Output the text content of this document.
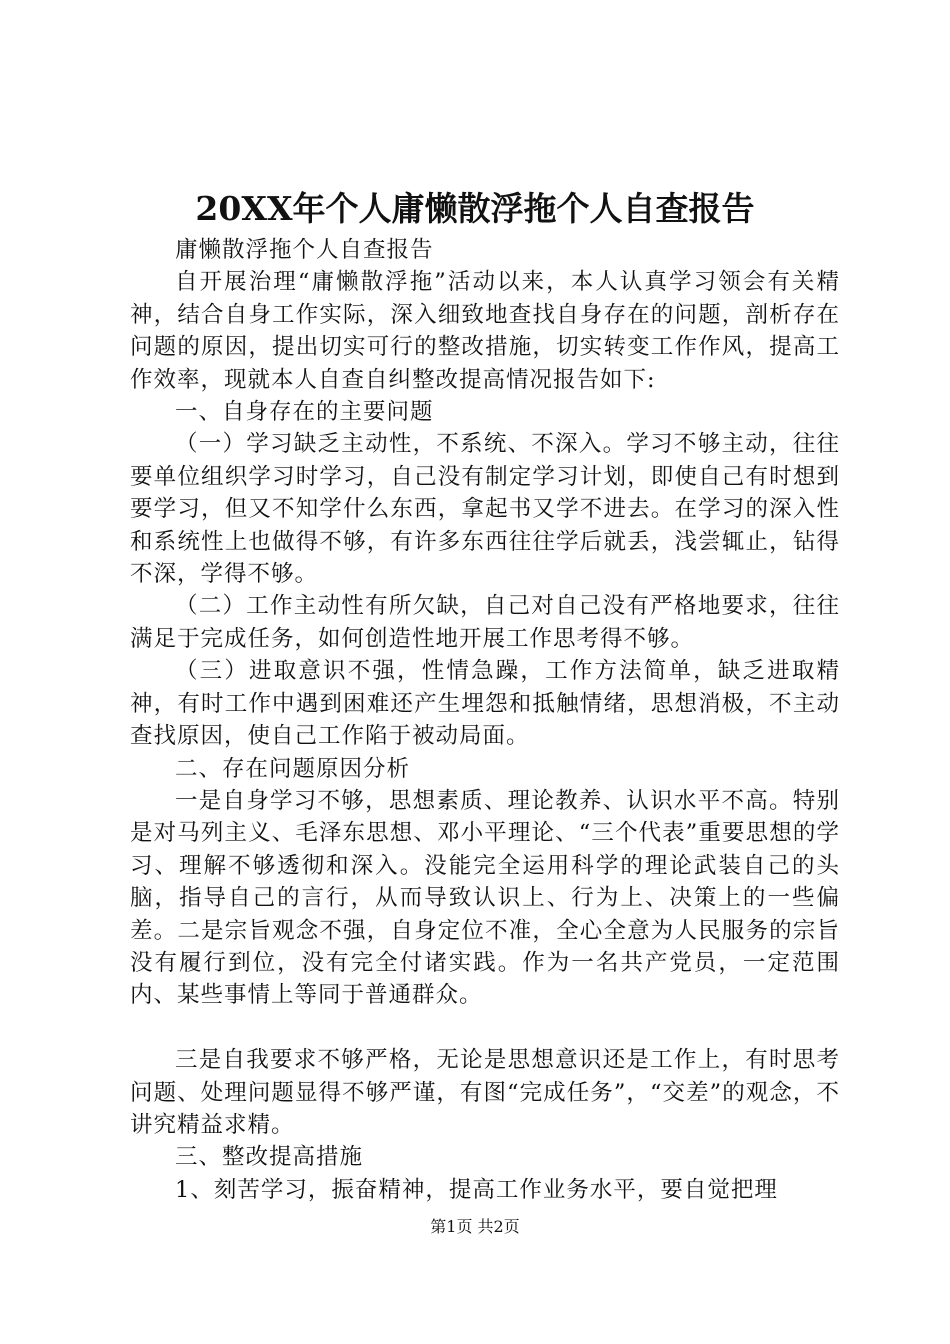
20XX年个人庸懒散浮拖个人自查报告

庸懒散浮拖个人自查报告

自开展治理“庸懒散浮拖”活动以来，本人认真学习领会有关精神，结合自身工作实际，深入细致地查找自身存在的问题，剖析存在问题的原因，提出切实可行的整改措施，切实转变工作作风，提高工作效率，现就本人自查自纠整改提高情况报告如下:

一、自身存在的主要问题

（一）学习缺乏主动性，不系统、不深入。学习不够主动，往往要单位组织学习时学习，自己没有制定学习计划，即使自己有时想到要学习，但又不知学什么东西，拿起书又学不进去。在学习的深入性和系统性上也做得不够，有许多东西往往学后就丢，浅尝辄止，钻得不深，学得不够。

（二）工作主动性有所欠缺，自己对自己没有严格地要求，往往满足于完成任务，如何创造性地开展工作思考得不够。

（三）进取意识不强，性情急躁，工作方法简单，缺乏进取精神，有时工作中遇到困难还产生埋怨和抵触情绪，思想消极，不主动查找原因，使自己工作陷于被动局面。

二、存在问题原因分析

一是自身学习不够，思想素质、理论教养、认识水平不高。特别是对马列主义、毛泽东思想、邓小平理论、“三个代表”重要思想的学习、理解不够透彻和深入。没能完全运用科学的理论武装自己的头脑，指导自己的言行，从而导致认识上、行为上、决策上的一些偏差。二是宗旨观念不强，自身定位不准，全心全意为人民服务的宗旨没有履行到位，没有完全付诸实践。作为一名共产党员，一定范围内、某些事情上等同于普通群众。

三是自我要求不够严格，无论是思想意识还是工作上，有时思考问题、处理问题显得不够严谨，有图“完成任务”，“交差”的观念，不讲究精益求精。

三、整改提高措施

1、刻苦学习，振奋精神，提高工作业务水平，要自觉把理

第1页 共2页
